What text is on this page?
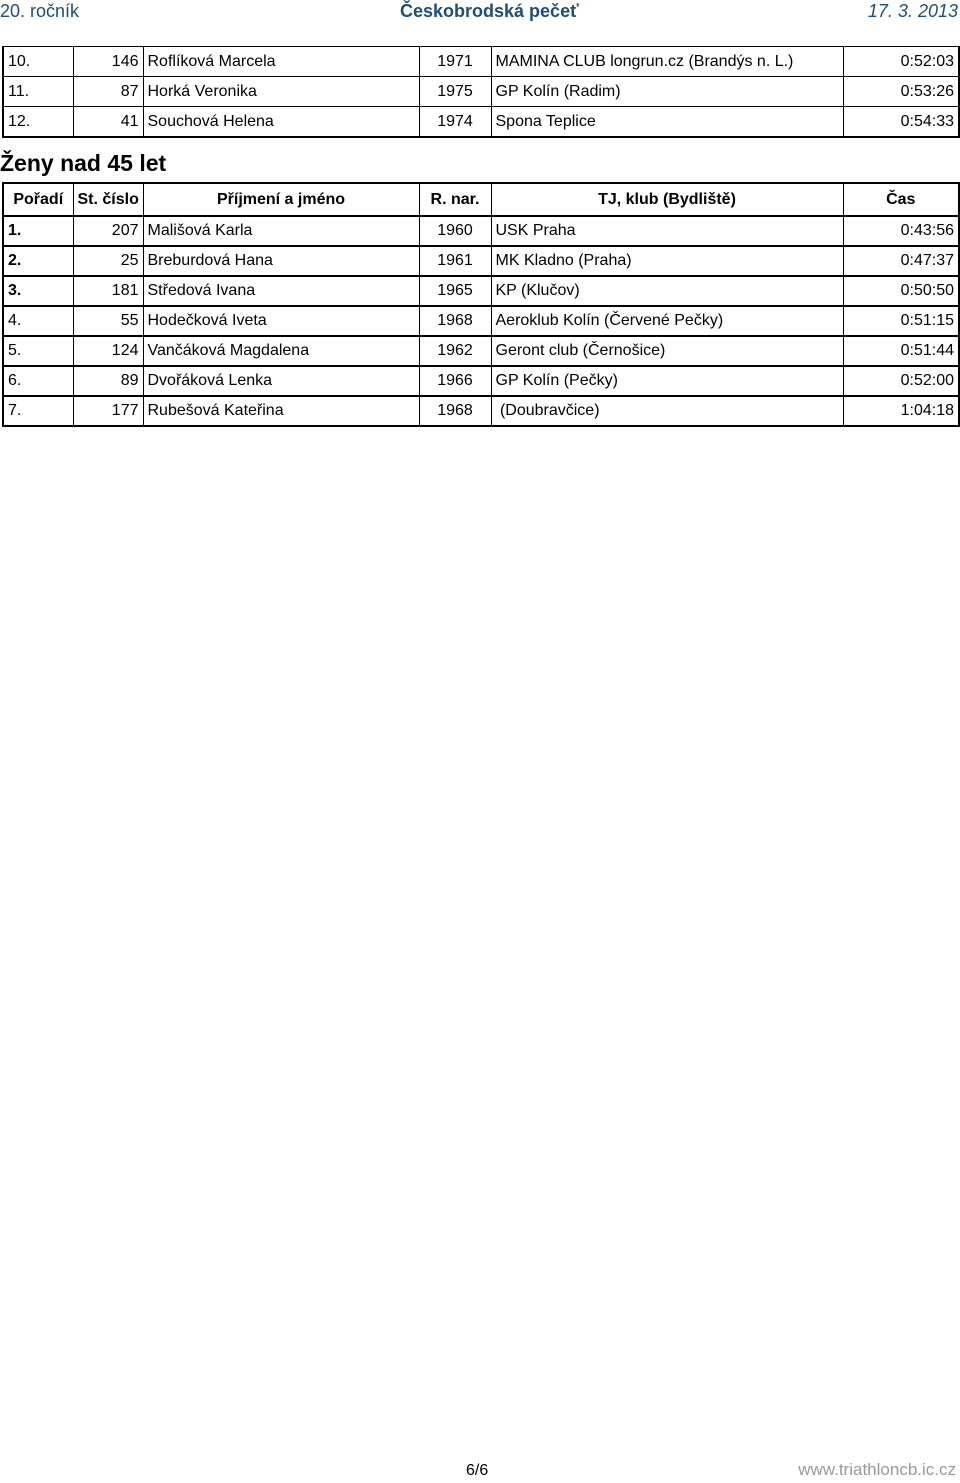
20. ročník	Českobrodská pečeť	17. 3. 2013
10.	146	Roflíková Marcela	1971	MAMINA CLUB longrun.cz (Brandýs n. L.)	0:52:03
11.	87	Horká Veronika	1975	GP Kolín (Radim)	0:53:26
12.	41	Souchová Helena	1974	Spona Teplice	0:54:33
Ženy nad 45 let
Pořadí	St. číslo	Příjmení a jméno	R. nar.	TJ, klub (Bydliště)	Čas
1.	207	Mališová Karla	1960	USK Praha	0:43:56
2.	25	Breburdová Hana	1961	MK Kladno (Praha)	0:47:37
3.	181	Středová Ivana	1965	KP (Klučov)	0:50:50
4.	55	Hodečková Iveta	1968	Aeroklub Kolín (Červené Pečky)	0:51:15
5.	124	Vančáková Magdalena	1962	Geront club (Černošice)	0:51:44
6.	89	Dvořáková Lenka	1966	GP Kolín (Pečky)	0:52:00
7.	177	Rubešová Kateřina	1968	(Doubravčice)	1:04:18
6/6	www.triathloncb.ic.cz
